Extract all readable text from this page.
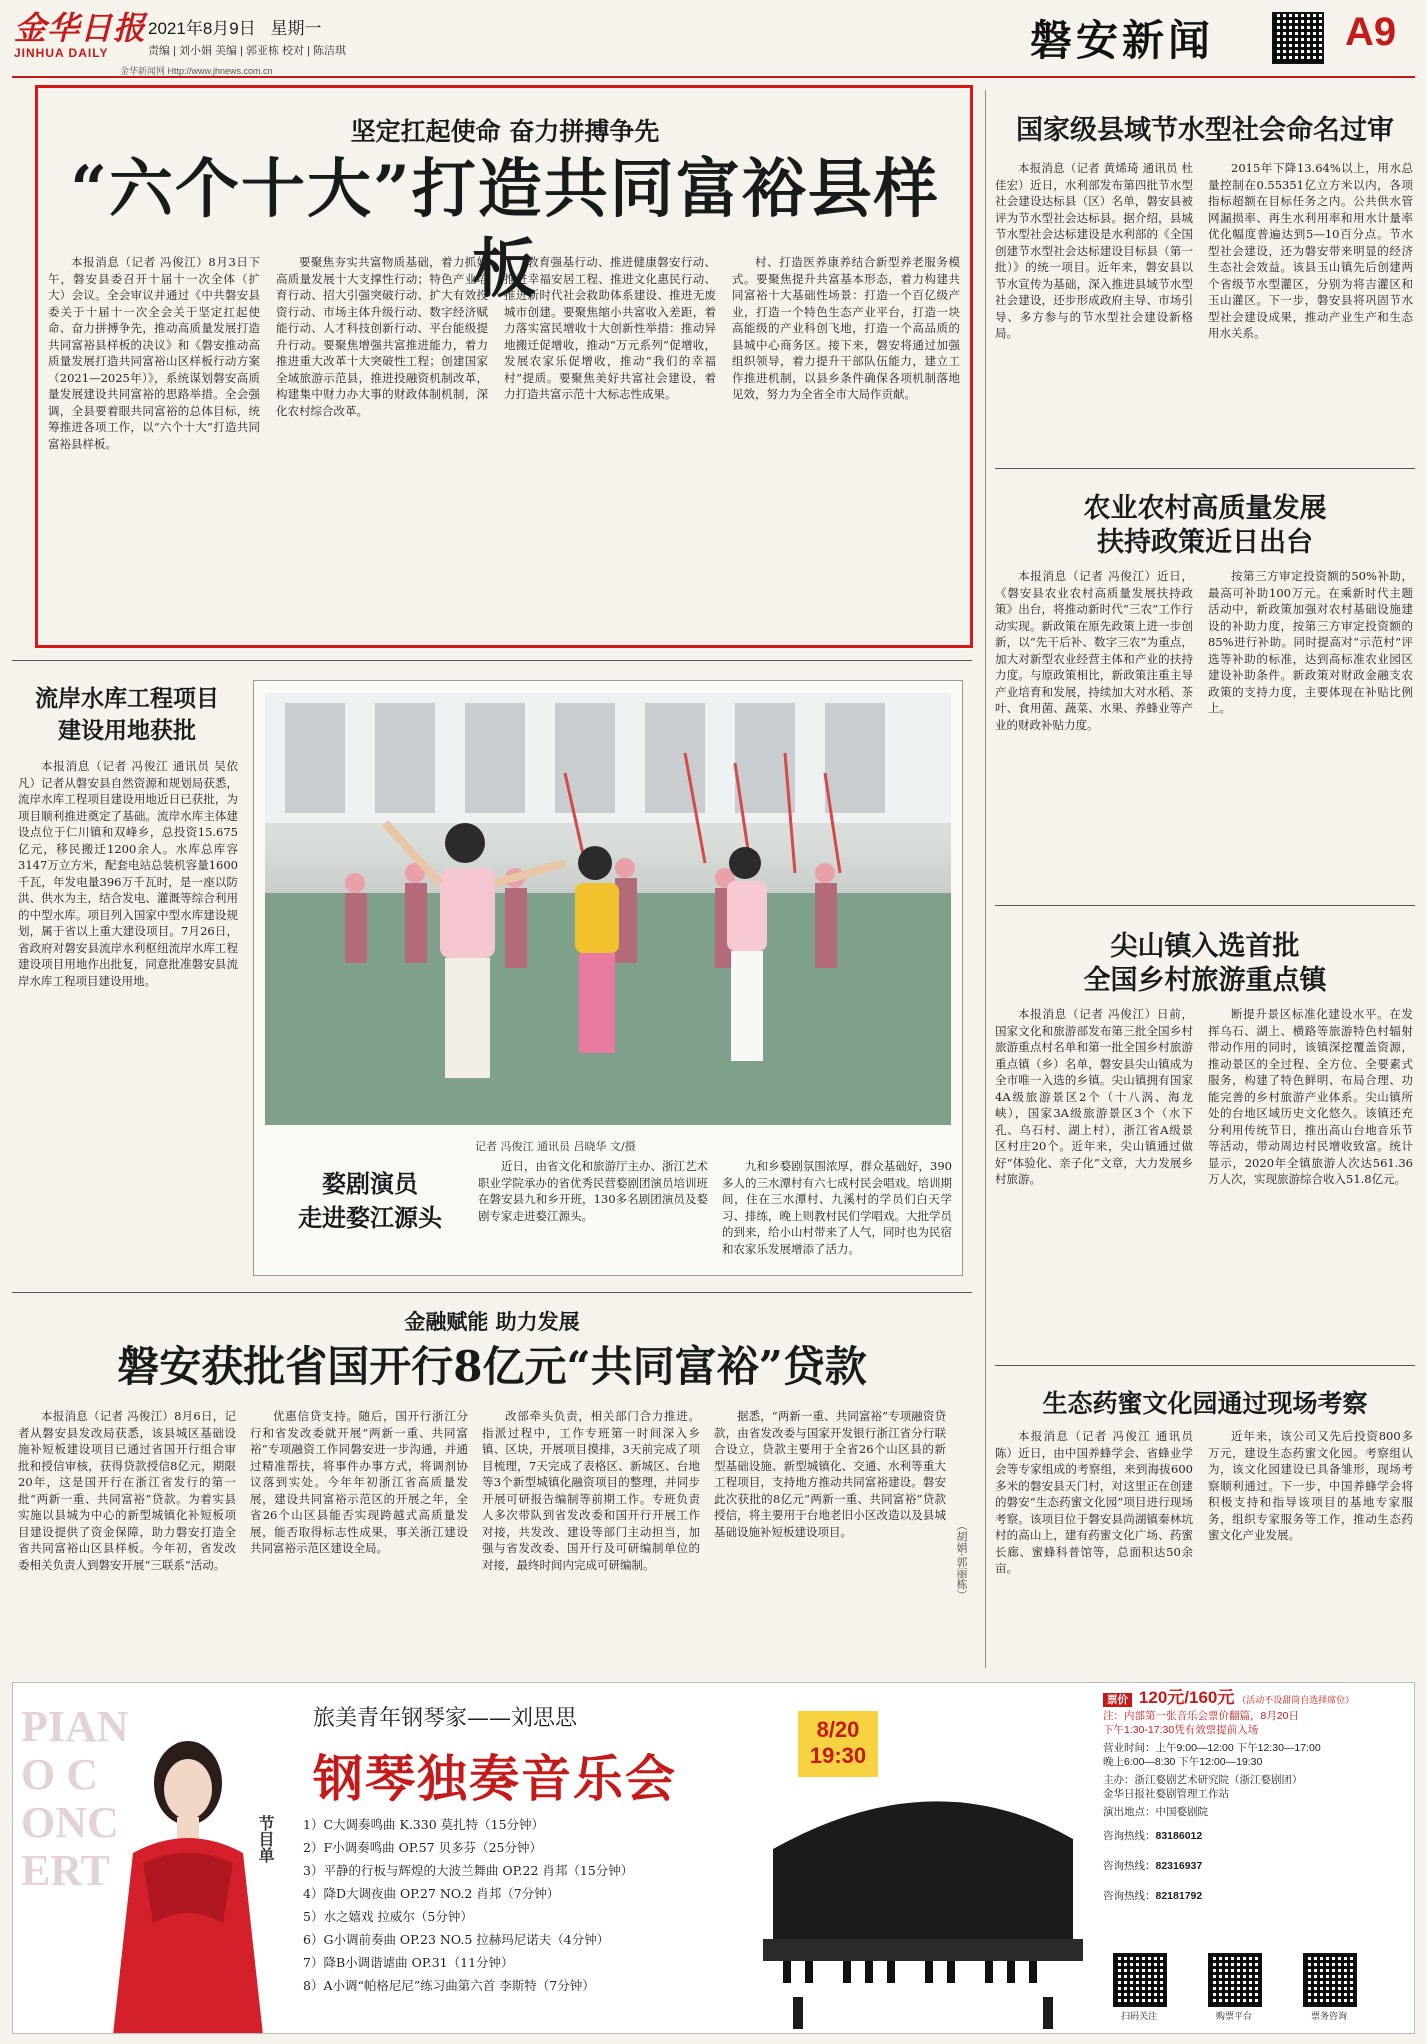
金华日报
JINHUA DAILY
2021年8月9日 星期一
责编 | 刘小娟 美编 | 郭亚栋 校对 | 陈洁琪
金华新闻网 Http://www.jhnews.com.cn
磐安新闻	A9
坚定扛起使命 奋力拼搏争先
“六个十大”打造共同富裕县样板

本报消息（记者 冯俊江）8月3日下午，磐安县委召开十届十一次全体（扩大）会议。全会审议并通过《中共磐安县委关于十届十一次全会关于坚定扛起使命、奋力拼搏争先，推动高质量发展打造共同富裕县样板的决议》和《磐安推动高质量发展打造共同富裕山区样板行动方案（2021—2025年）》，系统谋划磐安高质量发展建设共同富裕的思路举措。全会强调，全县要着眼共同富裕的总体目标，统筹推进各项工作，以“六个十大”打造共同富裕县样板。

要聚焦夯实共富物质基础，着力抓好高质量发展十大支撑性行动；特色产业培育行动、招大引强突破行动、扩大有效投资行动、市场主体升级行动、数字经济赋能行动、人才科技创新行动、平台能级提升行动。要聚焦增强共富推进能力，着力推进重大改革十大突破性工程；创建国家全域旅游示范县，推进投融资机制改革，构建集中财力办大事的财政体制机制，深化农村综合改革。

教育强基行动、推进健康磐安行动、推进幸福安居工程、推进文化惠民行动、推进新时代社会救助体系建设、推进无废城市创建。要聚焦缩小共富收入差距，着力落实富民增收十大创新性举措：推动异地搬迁促增收，推动“万元系列”促增收，发展农家乐促增收，推动“我们的幸福村”提质。要聚焦美好共富社会建设，着力打造共富示范十大标志性成果。

村、打造医养康养结合新型养老服务模式。要聚焦提升共富基本形态，着力构建共同富裕十大基础性场景：打造一个百亿级产业，打造一个特色生态产业平台，打造一块高能级的产业科创飞地，打造一个高品质的县城中心商务区。接下来，磐安将通过加强组织领导，着力提升干部队伍能力，建立工作推进机制，以县乡条件确保各项机制落地见效，努力为全省全市大局作贡献。

国家级县域节水型社会命名过审

本报消息（记者 黄烯琦 通讯员 杜佳宏）近日，水利部发布第四批节水型社会建设达标县（区）名单，磐安县被评为节水型社会达标县。据介绍，县城节水型社会达标建设是水利部的《全国创建节水型社会达标建设目标县（第一批）》的统一项目。近年来，磐安县以节水宣传为基础，深入推进县域节水型社会建设，还步形成政府主导、市场引导、多方参与的节水型社会建设新格局。

2015年下降13.64%以上，用水总量控制在0.55351亿立方米以内，各项指标超额在目标任务之内。公共供水管网漏损率、再生水利用率和用水计量率优化幅度普遍达到5—10百分点。节水型社会建设，还为磐安带来明显的经济生态社会效益。该县玉山镇先后创建两个省级节水型灌区，分别为将吉灌区和玉山灌区。下一步，磐安县将巩固节水型社会建设成果，推动产业生产和生态用水关系。

农业农村高质量发展
扶持政策近日出台

本报消息（记者 冯俊江）近日，《磐安县农业农村高质量发展扶持政策》出台，将推动新时代“三农”工作行动实现。新政策在原先政策上进一步创新，以“先干后补、数字三农”为重点，加大对新型农业经营主体和产业的扶持力度。与原政策相比，新政策注重主导产业培育和发展，持续加大对水稻、茶叶、食用菌、蔬菜、水果、养蜂业等产业的财政补贴力度。

按第三方审定投资额的50%补助，最高可补助100万元。在乘新时代主题活动中，新政策加强对农村基础设施建设的补助力度，按第三方审定投资额的85%进行补助。同时提高对“示范村”评选等补助的标准，达到高标准农业园区建设补助条件。新政策对财政金融支农政策的支持力度，主要体现在补贴比例上。

尖山镇入选首批
全国乡村旅游重点镇

本报消息（记者 冯俊江）日前，国家文化和旅游部发布第三批全国乡村旅游重点村名单和第一批全国乡村旅游重点镇（乡）名单，磐安县尖山镇成为全市唯一入选的乡镇。尖山镇拥有国家4A级旅游景区2个（十八涡、海龙峡），国家3A级旅游景区3个（水下孔、乌石村、湖上村），浙江省A级景区村庄20个。近年来，尖山镇通过做好“体验化、亲子化”文章，大力发展乡村旅游。

断提升景区标准化建设水平。在发挥乌石、湖上、横路等旅游特色村辐射带动作用的同时，该镇深挖覆盖资源，推动景区的全过程、全方位、全要素式服务，构建了特色鲜明、布局合理、功能完善的乡村旅游产业体系。尖山镇所处的台地区域历史文化悠久。该镇还充分利用传统节日，推出高山台地音乐节等活动，带动周边村民增收致富。统计显示，2020年全镇旅游人次达561.36万人次，实现旅游综合收入51.8亿元。

生态药蜜文化园通过现场考察

本报消息（记者 冯俊江 通讯员 陈）近日，由中国养蜂学会、省蜂业学会等专家组成的考察组，来到海拔600多米的磐安县天门村，对这里正在创建的磐安“生态药蜜文化园”项目进行现场考察。该项目位于磐安县尚湖镇秦林坑村的高山上，建有药蜜文化广场、药蜜长廊、蜜蜂科普馆等，总面积达50余亩。

近年来，该公司又先后投资800多万元，建设生态药蜜文化园。考察组认为，该文化园建设已具备雏形，现场考察顺利通过。下一步，中国养蜂学会将积极支持和指导该项目的基地专家服务，组织专家服务等工作，推动生态药蜜文化产业发展。

流岸水库工程项目
建设用地获批

本报消息（记者 冯俊江 通讯员 吴依凡）记者从磐安县自然资源和规划局获悉，流岸水库工程项目建设用地近日已获批，为项目顺利推进奠定了基础。流岸水库主体建设点位于仁川镇和双峰乡，总投资15.675亿元，移民搬迁1200余人。水库总库容3147万立方米，配套电站总装机容量1600千瓦，年发电量396万千瓦时，是一座以防洪、供水为主，结合发电、灌溉等综合利用的中型水库。项目列入国家中型水库建设规划，属于省以上重大建设项目。7月26日，省政府对磐安县流岸水利枢纽流岸水库工程建设项目用地作出批复，同意批准磐安县流岸水库工程项目建设用地。

记者 冯俊江 通讯员 吕晓华 文/摄
婺剧演员
走进婺江源头

近日，由省文化和旅游厅主办、浙江艺术职业学院承办的省优秀民营婺剧团演员培训班在磐安县九和乡开班，130多名剧团演员及婺剧专家走进婺江源头。

九和乡婺剧氛围浓厚，群众基础好，390多人的三水潭村有六七成村民会唱戏。培训期间，住在三水潭村、九溪村的学员们白天学习、排练，晚上则教村民们学唱戏。大批学员的到来，给小山村带来了人气，同时也为民宿和农家乐发展增添了活力。

金融赋能 助力发展
磐安获批省国开行8亿元“共同富裕”贷款

本报消息（记者 冯俊江）8月6日，记者从磐安县发改局获悉，该县城区基础设施补短板建设项目已通过省国开行组合审批和授信审核，获得贷款授信8亿元，期限20年，这是国开行在浙江省发行的第一批“两新一重、共同富裕”贷款。为着实县实施以县城为中心的新型城镇化补短板项目建设提供了资金保障，助力磐安打造全省共同富裕山区县样板。今年初，省发改委相关负责人到磐安开展“三联系”活动。

优惠信贷支持。随后，国开行浙江分行和省发改委就开展“两新一重、共同富裕”专项融资工作同磐安进一步沟通，并通过精准帮扶，将事件办事方式，将调剂协议落到实处。今年年初浙江省高质量发展，建设共同富裕示范区的开展之年，全省26个山区县能否实现跨越式高质量发展，能否取得标志性成果，事关浙江建设共同富裕示范区建设全局。

改部牵头负责，相关部门合力推进。指派过程中，工作专班第一时间深入乡镇、区块，开展项目摸排，3天前完成了项目梳理，7天完成了表格区、新城区、台地等3个新型城镇化融资项目的整理，并同步开展可研报告编制等前期工作。专班负责人多次带队到省发改委和国开行开展工作对接，共发改、建设等部门主动担当，加强与省发改委、国开行及可研编制单位的对接，最终时间内完成可研编制。

据悉，“两新一重、共同富裕”专项融资贷款，由省发改委与国家开发银行浙江省分行联合设立，贷款主要用于全省26个山区县的新型基础设施、新型城镇化、交通、水利等重大工程项目，支持地方推动共同富裕建设。磐安此次获批的8亿元“两新一重、共同富裕”贷款授信，将主要用于台地老旧小区改造以及县城基础设施补短板建设项目。	（胡娟·郭丽栋）
PIANO CONCERT
旅美青年钢琴家——刘思思
钢琴独奏音乐会
8/20
19:30
节目单 1）C大调奏鸣曲 K.330 莫扎特（15分钟）
2）F小调奏鸣曲 OP.57 贝多芬（25分钟）
3）平静的行板与辉煌的大波兰舞曲 OP.22 肖邦（15分钟）
4）降D大调夜曲 OP.27 NO.2 肖邦（7分钟）
5）水之嬉戏 拉威尔（5分钟）
6）G小调前奏曲 OP.23 NO.5 拉赫玛尼诺夫（4分钟）
7）降B小调谐谑曲 OP.31（11分钟）
8）A小调“帕格尼尼”练习曲第六首 李斯特（7分钟）
票价 120元/160元 （活动不设甜筒自选择席位）
注：内部第一张音乐会票价翻篇，8月20日
下午1:30-17:30凭有效票提前入场
营业时间：上午9:00—12:00 下午12:30—17:00
晚上6:00—8:30 下午12:00—19:30
主办：浙江婺剧艺术研究院（浙江婺剧团）
金华日报社婺剧管理工作站
演出地点：中国婺剧院
咨询热线：83186012
咨询热线：82316937
咨询热线：82181792
扫码关注	购票平台	票务咨询
